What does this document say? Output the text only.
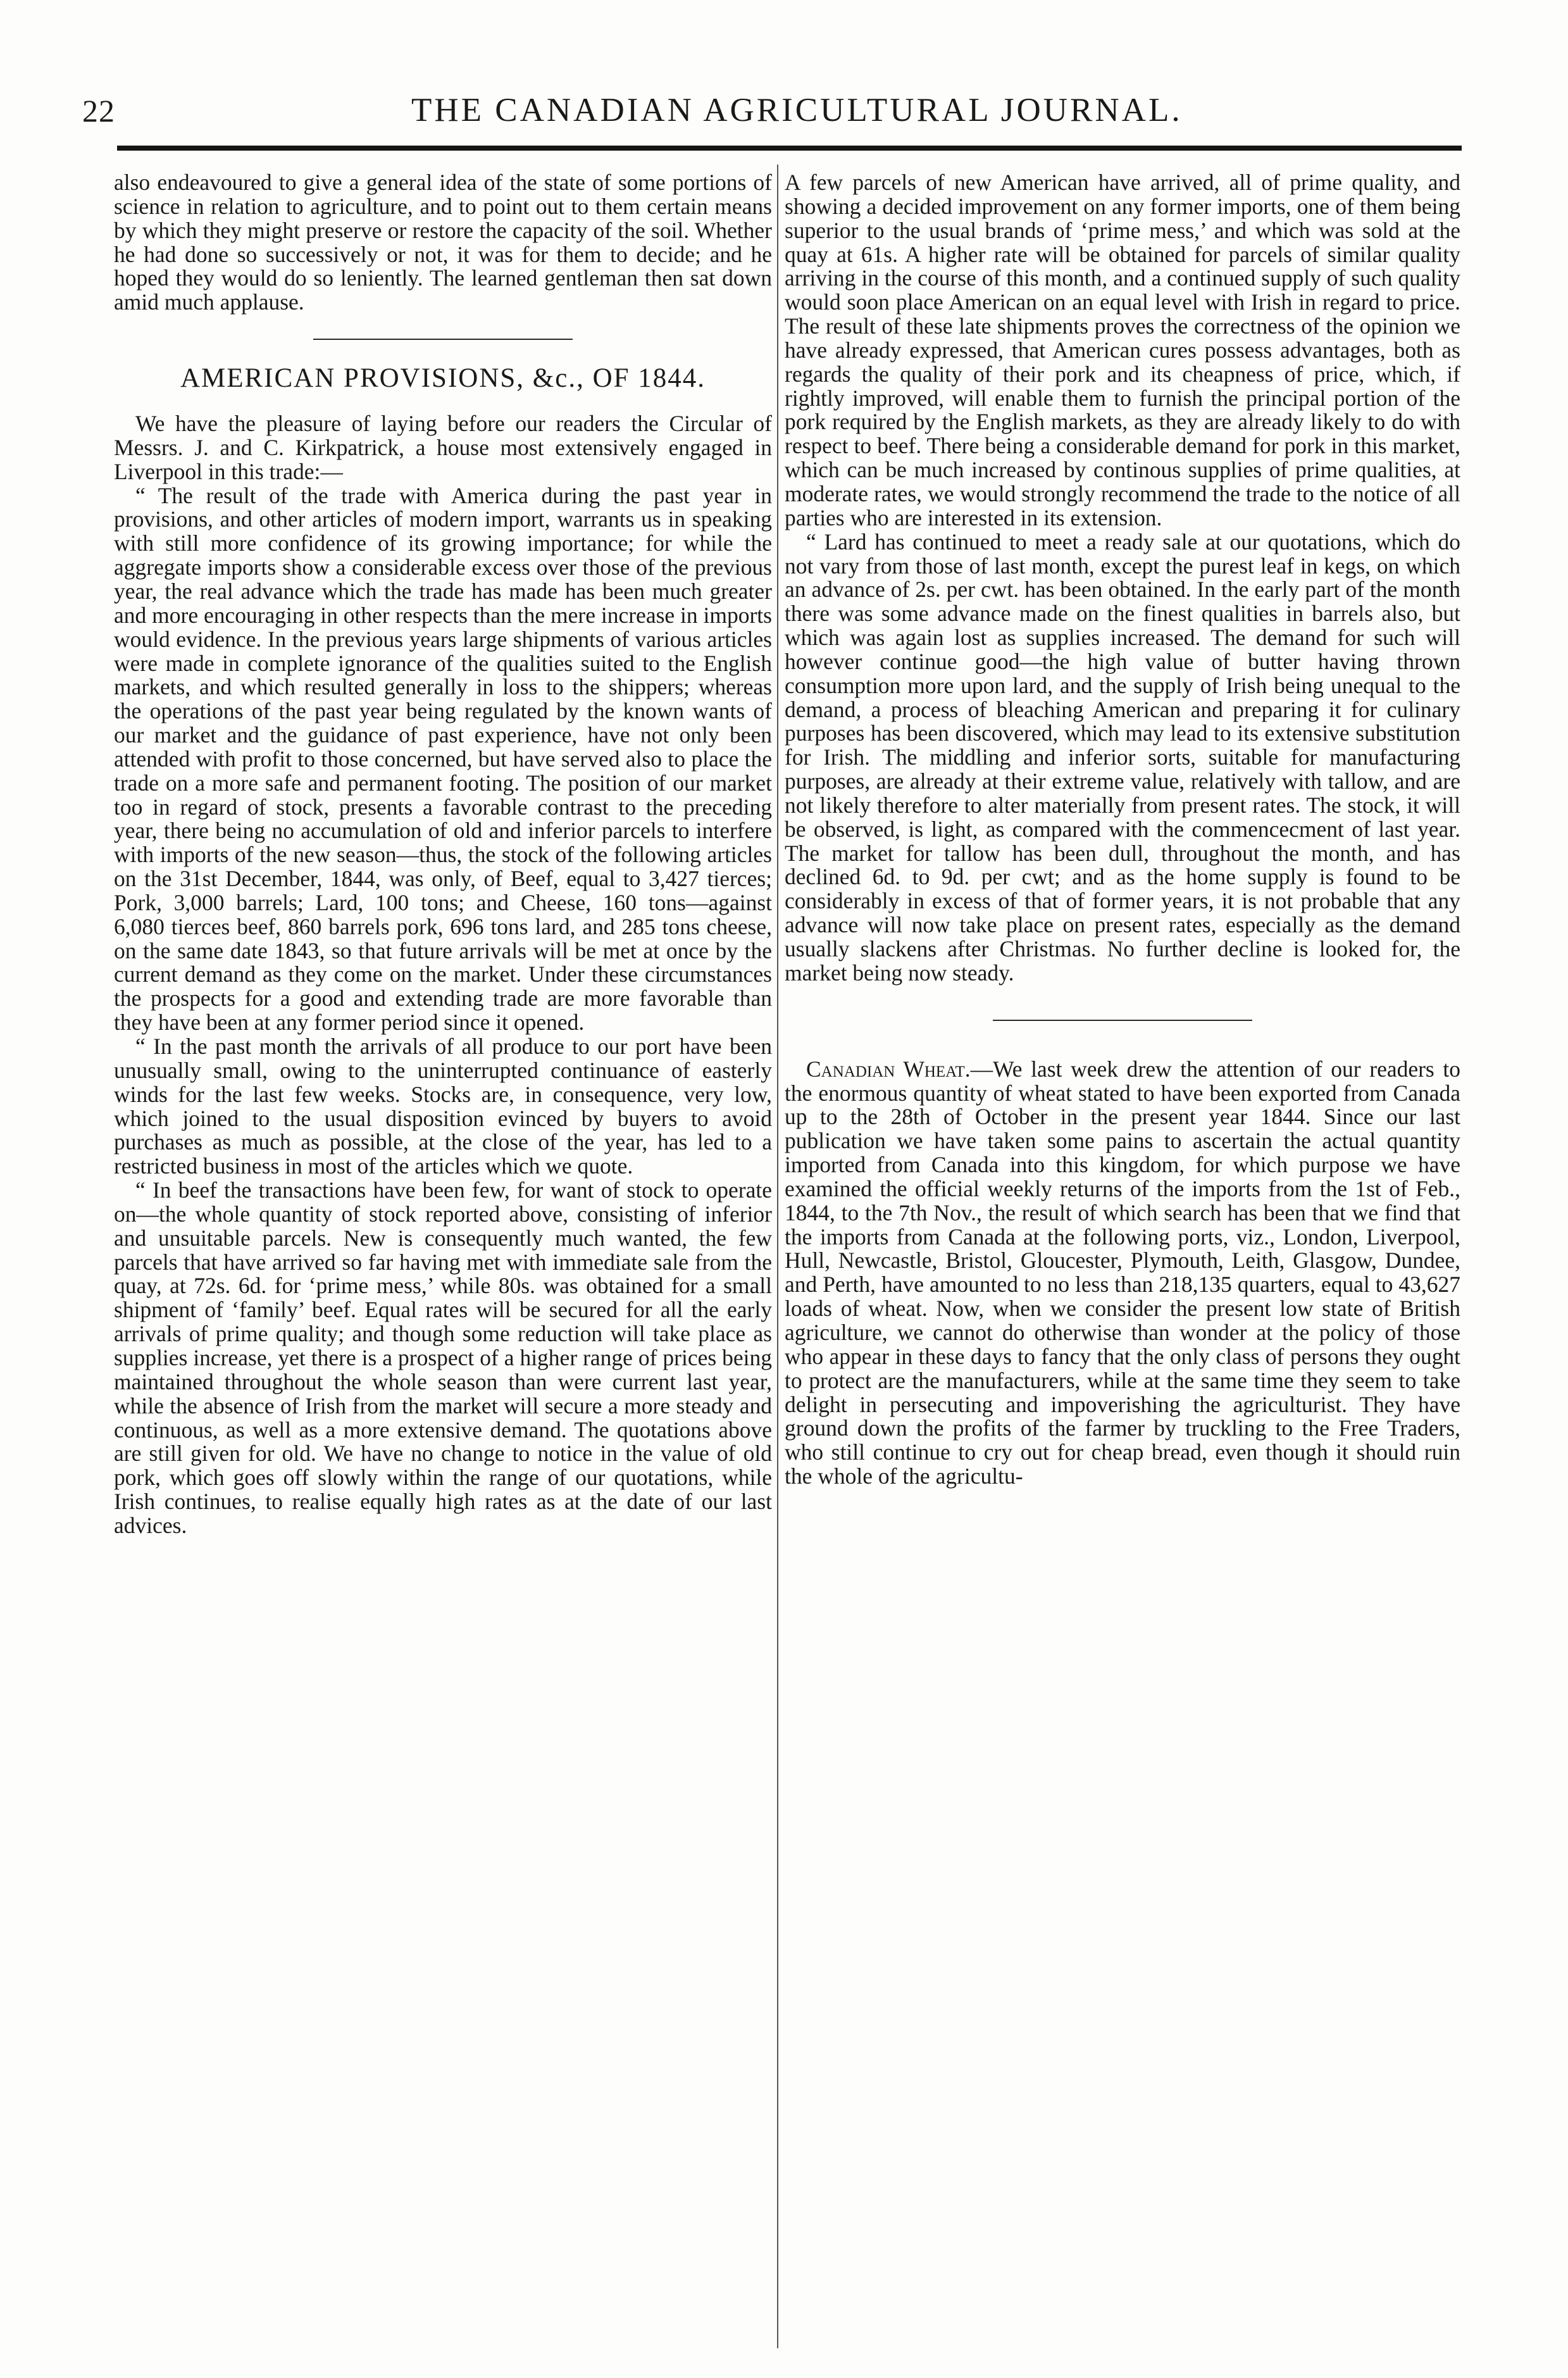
22	THE CANADIAN AGRICULTURAL JOURNAL.

also endeavoured to give a general idea of the state of some portions of science in relation to agriculture, and to point out to them certain means by which they might preserve or restore the capacity of the soil. Whether he had done so successively or not, it was for them to decide; and he hoped they would do so leniently. The learned gentleman then sat down amid much applause.

AMERICAN PROVISIONS, &c., OF 1844.

We have the pleasure of laying before our readers the Circular of Messrs. J. and C. Kirkpatrick, a house most extensively engaged in Liverpool in this trade:—

“ The result of the trade with America during the past year in provisions, and other articles of modern import, warrants us in speaking with still more confidence of its growing importance; for while the aggregate imports show a considerable excess over those of the previous year, the real advance which the trade has made has been much greater and more encouraging in other respects than the mere increase in imports would evidence. In the previous years large shipments of various articles were made in complete ignorance of the qualities suited to the English markets, and which resulted generally in loss to the shippers; whereas the operations of the past year being regulated by the known wants of our market and the guidance of past experience, have not only been attended with profit to those concerned, but have served also to place the trade on a more safe and permanent footing. The position of our market too in regard of stock, presents a favorable contrast to the preceding year, there being no accumulation of old and inferior parcels to interfere with imports of the new season—thus, the stock of the following articles on the 31st December, 1844, was only, of Beef, equal to 3,427 tierces; Pork, 3,000 barrels; Lard, 100 tons; and Cheese, 160 tons—against 6,080 tierces beef, 860 barrels pork, 696 tons lard, and 285 tons cheese, on the same date 1843, so that future arrivals will be met at once by the current demand as they come on the market. Under these circumstances the prospects for a good and extending trade are more favorable than they have been at any former period since it opened.

“ In the past month the arrivals of all produce to our port have been unusually small, owing to the uninterrupted continuance of easterly winds for the last few weeks. Stocks are, in consequence, very low, which joined to the usual disposition evinced by buyers to avoid purchases as much as possible, at the close of the year, has led to a restricted business in most of the articles which we quote.

“ In beef the transactions have been few, for want of stock to operate on—the whole quantity of stock reported above, consisting of inferior and unsuitable parcels. New is consequently much wanted, the few parcels that have arrived so far having met with immediate sale from the quay, at 72s. 6d. for ‘prime mess,’ while 80s. was obtained for a small shipment of ‘family’ beef. Equal rates will be secured for all the early arrivals of prime quality; and though some reduction will take place as supplies increase, yet there is a prospect of a higher range of prices being maintained throughout the whole season than were current last year, while the absence of Irish from the market will secure a more steady and continuous, as well as a more extensive demand. The quotations above are still given for old. We have no change to notice in the value of old pork, which goes off slowly within the range of our quotations, while Irish continues, to realise equally high rates as at the date of our last advices.

A few parcels of new American have arrived, all of prime quality, and showing a decided improvement on any former imports, one of them being superior to the usual brands of ‘prime mess,’ and which was sold at the quay at 61s. A higher rate will be obtained for parcels of similar quality arriving in the course of this month, and a continued supply of such quality would soon place American on an equal level with Irish in regard to price. The result of these late shipments proves the correctness of the opinion we have already expressed, that American cures possess advantages, both as regards the quality of their pork and its cheapness of price, which, if rightly improved, will enable them to furnish the principal portion of the pork required by the English markets, as they are already likely to do with respect to beef. There being a considerable demand for pork in this market, which can be much increased by continous supplies of prime qualities, at moderate rates, we would strongly recommend the trade to the notice of all parties who are interested in its extension.

“ Lard has continued to meet a ready sale at our quotations, which do not vary from those of last month, except the purest leaf in kegs, on which an advance of 2s. per cwt. has been obtained. In the early part of the month there was some advance made on the finest qualities in barrels also, but which was again lost as supplies increased. The demand for such will however continue good—the high value of butter having thrown consumption more upon lard, and the supply of Irish being unequal to the demand, a process of bleaching American and preparing it for culinary purposes has been discovered, which may lead to its extensive substitution for Irish. The middling and inferior sorts, suitable for manufacturing purposes, are already at their extreme value, relatively with tallow, and are not likely therefore to alter materially from present rates. The stock, it will be observed, is light, as compared with the commencecment of last year. The market for tallow has been dull, throughout the month, and has declined 6d. to 9d. per cwt; and as the home supply is found to be considerably in excess of that of former years, it is not probable that any advance will now take place on present rates, especially as the demand usually slackens after Christmas. No further decline is looked for, the market being now steady.

Canadian Wheat.—We last week drew the attention of our readers to the enormous quantity of wheat stated to have been exported from Canada up to the 28th of October in the present year 1844. Since our last publication we have taken some pains to ascertain the actual quantity imported from Canada into this kingdom, for which purpose we have examined the official weekly returns of the imports from the 1st of Feb., 1844, to the 7th Nov., the result of which search has been that we find that the imports from Canada at the following ports, viz., London, Liverpool, Hull, Newcastle, Bristol, Gloucester, Plymouth, Leith, Glasgow, Dundee, and Perth, have amounted to no less than 218,135 quarters, equal to 43,627 loads of wheat. Now, when we consider the present low state of British agriculture, we cannot do otherwise than wonder at the policy of those who appear in these days to fancy that the only class of persons they ought to protect are the manufacturers, while at the same time they seem to take delight in persecuting and impoverishing the agriculturist. They have ground down the profits of the farmer by truckling to the Free Traders, who still continue to cry out for cheap bread, even though it should ruin the whole of the agricultu-
